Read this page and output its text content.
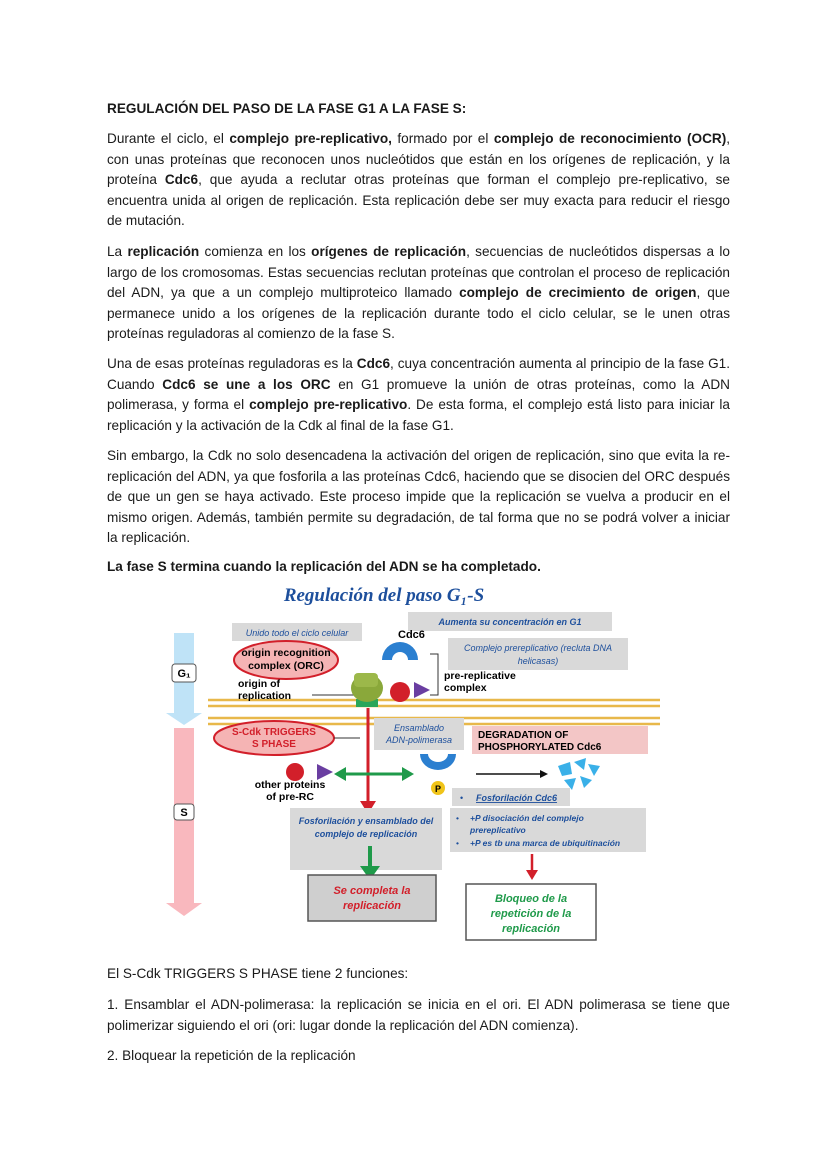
REGULACIÓN DEL PASO DE LA FASE G1 A LA FASE S:

Durante el ciclo, el complejo pre-replicativo, formado por el complejo de reconocimiento (OCR), con unas proteínas que reconocen unos nucleótidos que están en los orígenes de replicación, y la proteína Cdc6, que ayuda a reclutar otras proteínas que forman el complejo pre-replicativo, se encuentra unida al origen de replicación. Esta replicación debe ser muy exacta para reducir el riesgo de mutación.

La replicación comienza en los orígenes de replicación, secuencias de nucleótidos dispersas a lo largo de los cromosomas. Estas secuencias reclutan proteínas que controlan el proceso de replicación del ADN, ya que a un complejo multiproteico llamado complejo de crecimiento de origen, que permanece unido a los orígenes de la replicación durante todo el ciclo celular, se le unen otras proteínas reguladoras al comienzo de la fase S.

Una de esas proteínas reguladoras es la Cdc6, cuya concentración aumenta al principio de la fase G1. Cuando Cdc6 se une a los ORC en G1 promueve la unión de otras proteínas, como la ADN polimerasa, y forma el complejo pre-replicativo. De esta forma, el complejo está listo para iniciar la replicación y la activación de la Cdk al final de la fase G1.

Sin embargo, la Cdk no solo desencadena la activación del origen de replicación, sino que evita la re-replicación del ADN, ya que fosforila a las proteínas Cdc6, haciendo que se disocien del ORC después de que un gen se haya activado. Este proceso impide que la replicación se vuelva a producir en el mismo origen. Además, también permite su degradación, de tal forma que no se podrá volver a iniciar la replicación.

La fase S termina cuando la replicación del ADN se ha completado.

Regulación del paso G₁-S
G₁
S
Aumenta su concentración en G1
Unido todo el ciclo celular	Cdc6
Complejo prereplicativo (recluta DNA
helicasas)
origin recognition
complex (ORC)
origin of
replication
pre-replicative
complex
S-Cdk TRIGGERS
S PHASE
Ensamblado
ADN-polimerasa	DEGRADATION OF
PHOSPHORYLATED Cdc6
other proteins
of pre-RC
P
• Fosforilación Cdc6
• +P disociación del complejo
prereplicativo
• +P es tb una marca de ubiquitinación
Fosforilación y ensamblado del
complejo de replicación
Se completa la
replicación
Bloqueo de la
repetición de la
replicación

El S-Cdk TRIGGERS S PHASE tiene 2 funciones:

1. Ensamblar el ADN-polimerasa: la replicación se inicia en el ori. El ADN polimerasa se tiene que polimerizar siguiendo el ori (ori: lugar donde la replicación del ADN comienza).

2. Bloquear la repetición de la replicación
